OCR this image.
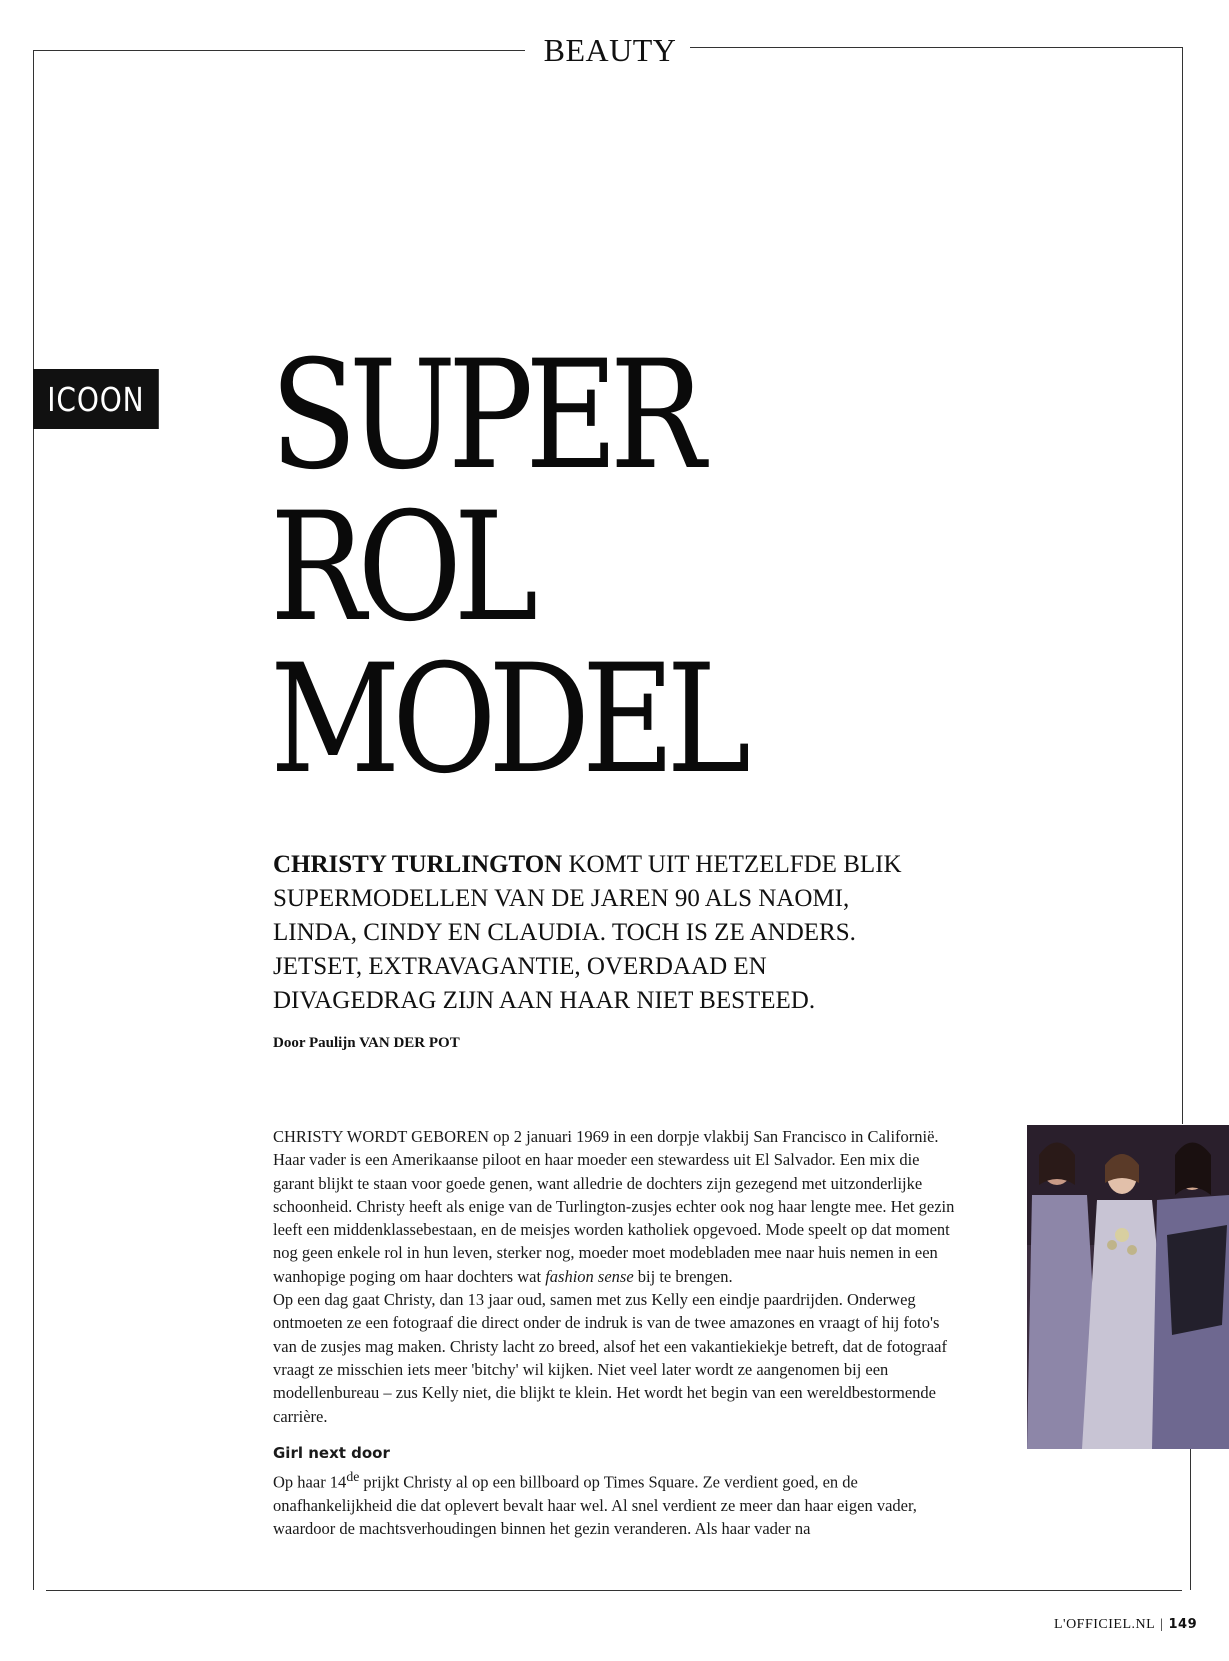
BEAUTY
ICOON SUPER
ROL
MODEL
CHRISTY TURLINGTON KOMT UIT HETZELFDE BLIK SUPERMODELLEN VAN DE JAREN 90 ALS NAOMI, LINDA, CINDY EN CLAUDIA. TOCH IS ZE ANDERS. JETSET, EXTRAVAGANTIE, OVERDAAD EN DIVAGEDRAG ZIJN AAN HAAR NIET BESTEED.
Door Paulijn VAN DER POT

CHRISTY WORDT GEBOREN op 2 januari 1969 in een dorpje vlakbij San Francisco in Californië. Haar vader is een Amerikaanse piloot en haar moeder een stewardess uit El Salvador. Een mix die garant blijkt te staan voor goede genen, want alledrie de dochters zijn gezegend met uitzonderlijke schoonheid. Christy heeft als enige van de Turlington-zusjes echter ook nog haar lengte mee. Het gezin leeft een middenklassebestaan, en de meisjes worden katholiek opgevoed. Mode speelt op dat moment nog geen enkele rol in hun leven, sterker nog, moeder moet modebladen mee naar huis nemen in een wanhopige poging om haar dochters wat fashion sense bij te brengen.

Op een dag gaat Christy, dan 13 jaar oud, samen met zus Kelly een eindje paardrijden. Onderweg ontmoeten ze een fotograaf die direct onder de indruk is van de twee amazones en vraagt of hij foto's van de zusjes mag maken. Christy lacht zo breed, alsof het een vakantiekiekje betreft, dat de fotograaf vraagt ze misschien iets meer 'bitchy' wil kijken. Niet veel later wordt ze aangenomen bij een modellenbureau – zus Kelly niet, die blijkt te klein. Het wordt het begin van een wereldbestormende carrière.

Girl next door

Op haar 14de prijkt Christy al op een billboard op Times Square. Ze verdient goed, en de onafhankelijkheid die dat oplevert bevalt haar wel. Al snel verdient ze meer dan haar eigen vader, waardoor de machtsverhoudingen binnen het gezin veranderen. Als haar vader na

L'OFFICIEL.NL | 149
